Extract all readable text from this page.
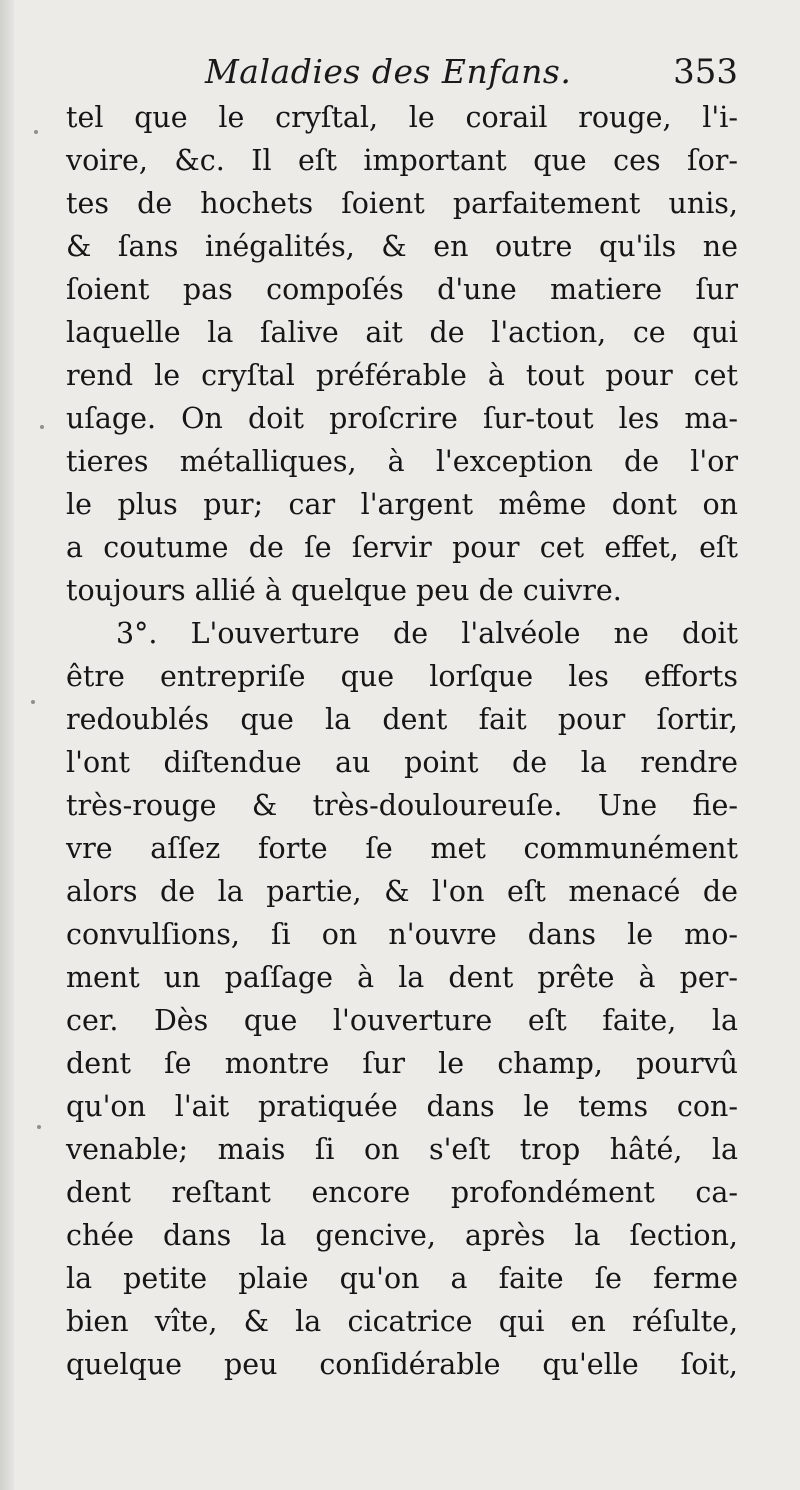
Maladies des Enfans.	353
tel que le cryſtal, le corail rouge, l'i-
voire, &c. Il eſt important que ces ſor-
tes de hochets ſoient parfaitement unis,
& ſans inégalités, & en outre qu'ils ne
ſoient pas compoſés d'une matiere ſur
laquelle la ſalive ait de l'action, ce qui
rend le cryſtal préférable à tout pour cet
uſage. On doit proſcrire ſur-tout les ma-
tieres métalliques, à l'exception de l'or
le plus pur; car l'argent même dont on
a coutume de ſe ſervir pour cet effet, eſt
toujours allié à quelque peu de cuivre.
3°. L'ouverture de l'alvéole ne doit
être entrepriſe que lorſque les efforts
redoublés que la dent fait pour ſortir,
l'ont diſtendue au point de la rendre
très-rouge & très-douloureuſe. Une fie-
vre aſſez forte ſe met communément
alors de la partie, & l'on eſt menacé de
convulſions, ſi on n'ouvre dans le mo-
ment un paſſage à la dent prête à per-
cer. Dès que l'ouverture eſt faite, la
dent ſe montre ſur le champ, pourvû
qu'on l'ait pratiquée dans le tems con-
venable; mais ſi on s'eſt trop hâté, la
dent reſtant encore profondément ca-
chée dans la gencive, après la ſection,
la petite plaie qu'on a faite ſe ferme
bien vîte, & la cicatrice qui en réſulte,
quelque peu conſidérable qu'elle ſoit,
